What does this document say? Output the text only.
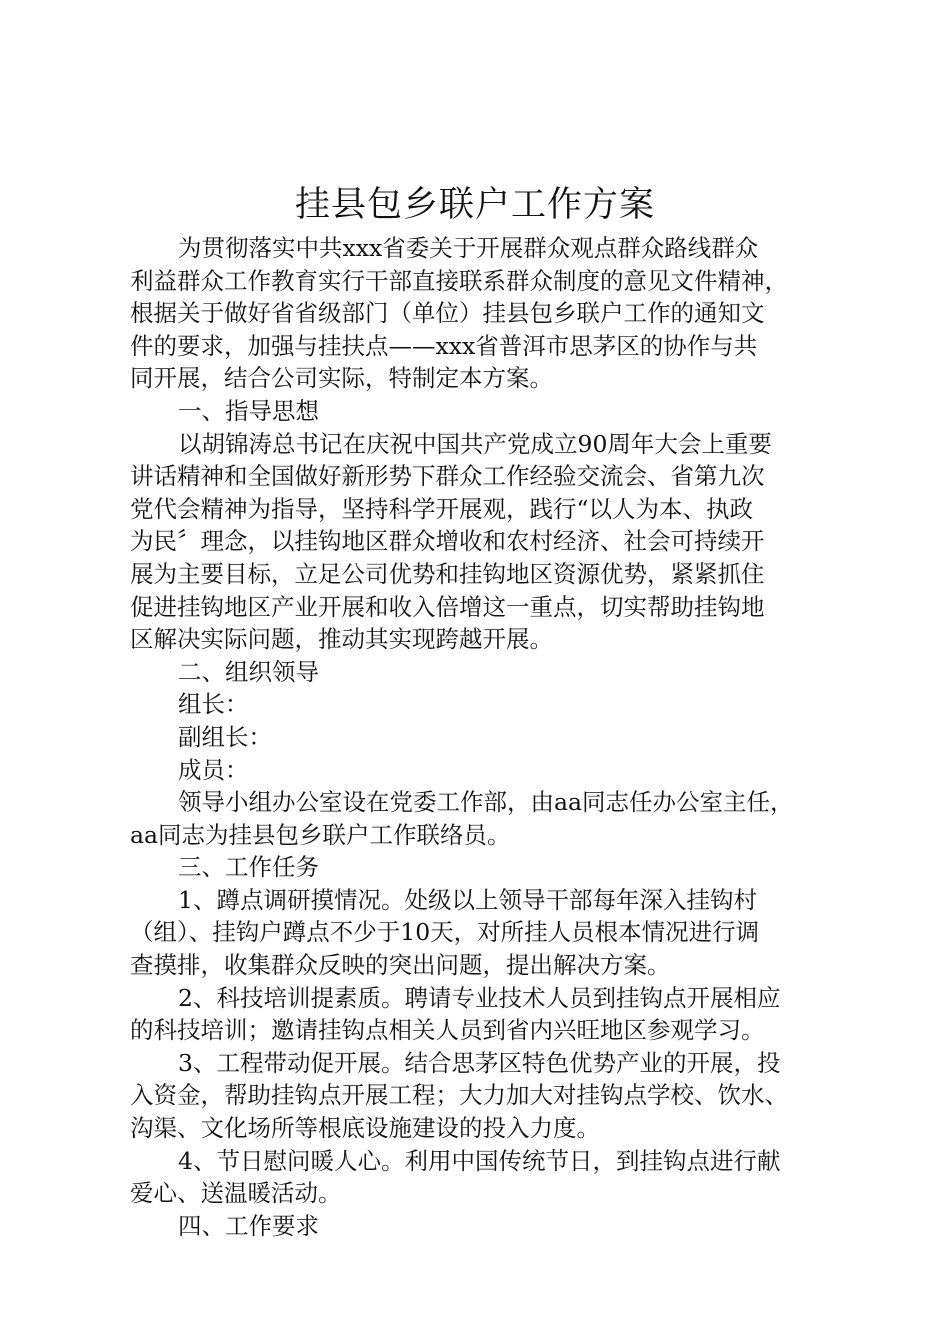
挂县包乡联户工作方案
为贯彻落实中共xxx省委关于开展群众观点群众路线群众
利益群众工作教育实行干部直接联系群众制度的意见文件精神，
根据关于做好省省级部门（单位）挂县包乡联户工作的通知文
件的要求，加强与挂扶点——xxx省普洱市思茅区的协作与共
同开展，结合公司实际，特制定本方案。
一、指导思想
以胡锦涛总书记在庆祝中国共产党成立90周年大会上重要
讲话精神和全国做好新形势下群众工作经验交流会、省第九次
党代会精神为指导，坚持科学开展观，践行“以人为本、执政
为民〞理念，以挂钩地区群众增收和农村经济、社会可持续开
展为主要目标，立足公司优势和挂钩地区资源优势，紧紧抓住
促进挂钩地区产业开展和收入倍增这一重点，切实帮助挂钩地
区解决实际问题，推动其实现跨越开展。
二、组织领导
组长：
副组长：
成员：
领导小组办公室设在党委工作部，由aa同志任办公室主任，
aa同志为挂县包乡联户工作联络员。
三、工作任务
1、蹲点调研摸情况。处级以上领导干部每年深入挂钩村
（组）、挂钩户蹲点不少于10天，对所挂人员根本情况进行调
查摸排，收集群众反映的突出问题，提出解决方案。
2、科技培训提素质。聘请专业技术人员到挂钩点开展相应
的科技培训；邀请挂钩点相关人员到省内兴旺地区参观学习。
3、工程带动促开展。结合思茅区特色优势产业的开展，投
入资金，帮助挂钩点开展工程；大力加大对挂钩点学校、饮水、
沟渠、文化场所等根底设施建设的投入力度。
4、节日慰问暖人心。利用中国传统节日，到挂钩点进行献
爱心、送温暖活动。
四、工作要求
